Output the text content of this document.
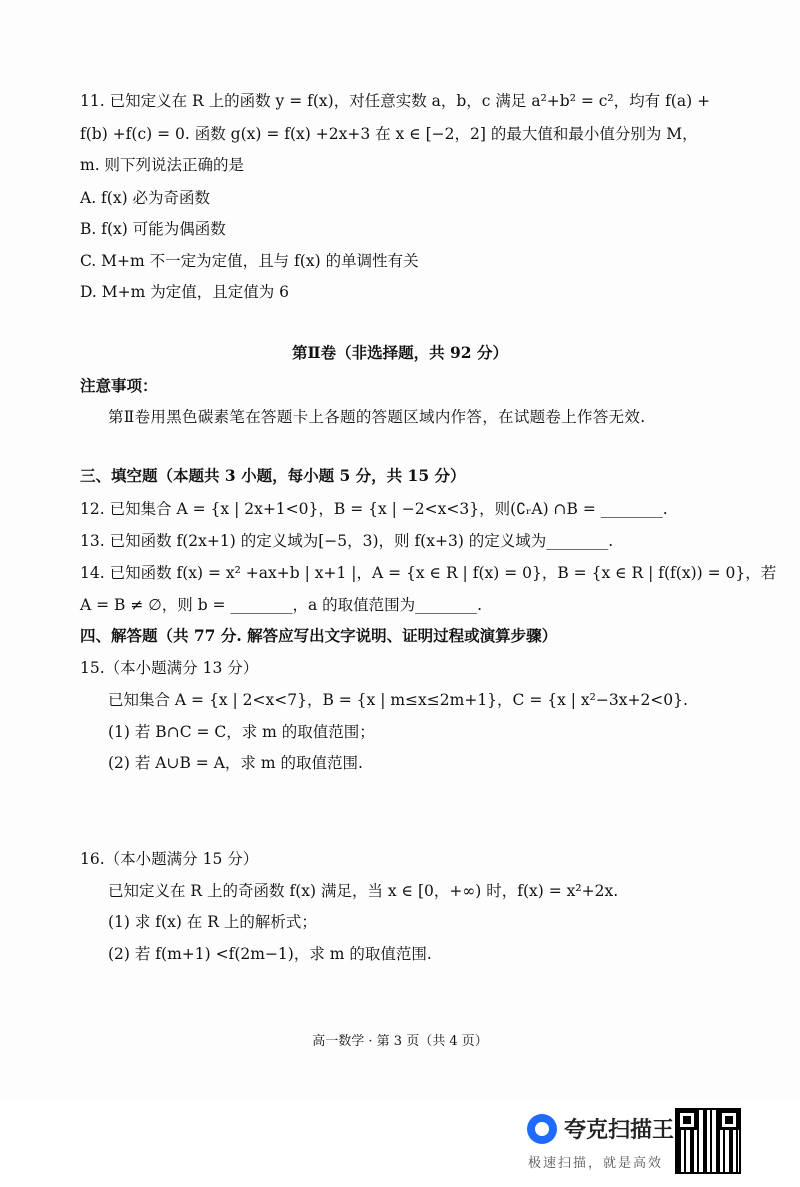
11. 已知定义在 R 上的函数 y = f(x)，对任意实数 a，b，c 满足 a²+b² = c²，均有 f(a) +
f(b) +f(c) = 0. 函数 g(x) = f(x) +2x+3 在 x ∈ [−2，2] 的最大值和最小值分别为 M，
m. 则下列说法正确的是
A. f(x) 必为奇函数
B. f(x) 可能为偶函数
C. M+m 不一定为定值，且与 f(x) 的单调性有关
D. M+m 为定值，且定值为 6
第Ⅱ卷（非选择题，共 92 分）
注意事项：
第Ⅱ卷用黑色碳素笔在答题卡上各题的答题区域内作答，在试题卷上作答无效.
三、填空题（本题共 3 小题，每小题 5 分，共 15 分）
12. 已知集合 A = {x | 2x+1<0}，B = {x | −2<x<3}，则(∁ᵣA) ∩B = ________.
13. 已知函数 f(2x+1) 的定义域为[−5，3)，则 f(x+3) 的定义域为________.
14. 已知函数 f(x) = x² +ax+b | x+1 |，A = {x ∈ R | f(x) = 0}，B = {x ∈ R | f(f(x)) = 0}，若
A = B ≠ ∅，则 b = ________，a 的取值范围为________.
四、解答题（共 77 分. 解答应写出文字说明、证明过程或演算步骤）
15.（本小题满分 13 分）
已知集合 A = {x | 2<x<7}，B = {x | m≤x≤2m+1}，C = {x | x²−3x+2<0}.
(1) 若 B∩C = C，求 m 的取值范围；
(2) 若 A∪B = A，求 m 的取值范围.
16.（本小题满分 15 分）
已知定义在 R 上的奇函数 f(x) 满足，当 x ∈ [0，+∞) 时，f(x) = x²+2x.
(1) 求 f(x) 在 R 上的解析式；
(2) 若 f(m+1) <f(2m−1)，求 m 的取值范围.
高一数学 · 第 3 页（共 4 页）
夸克扫描王
极速扫描，就是高效
